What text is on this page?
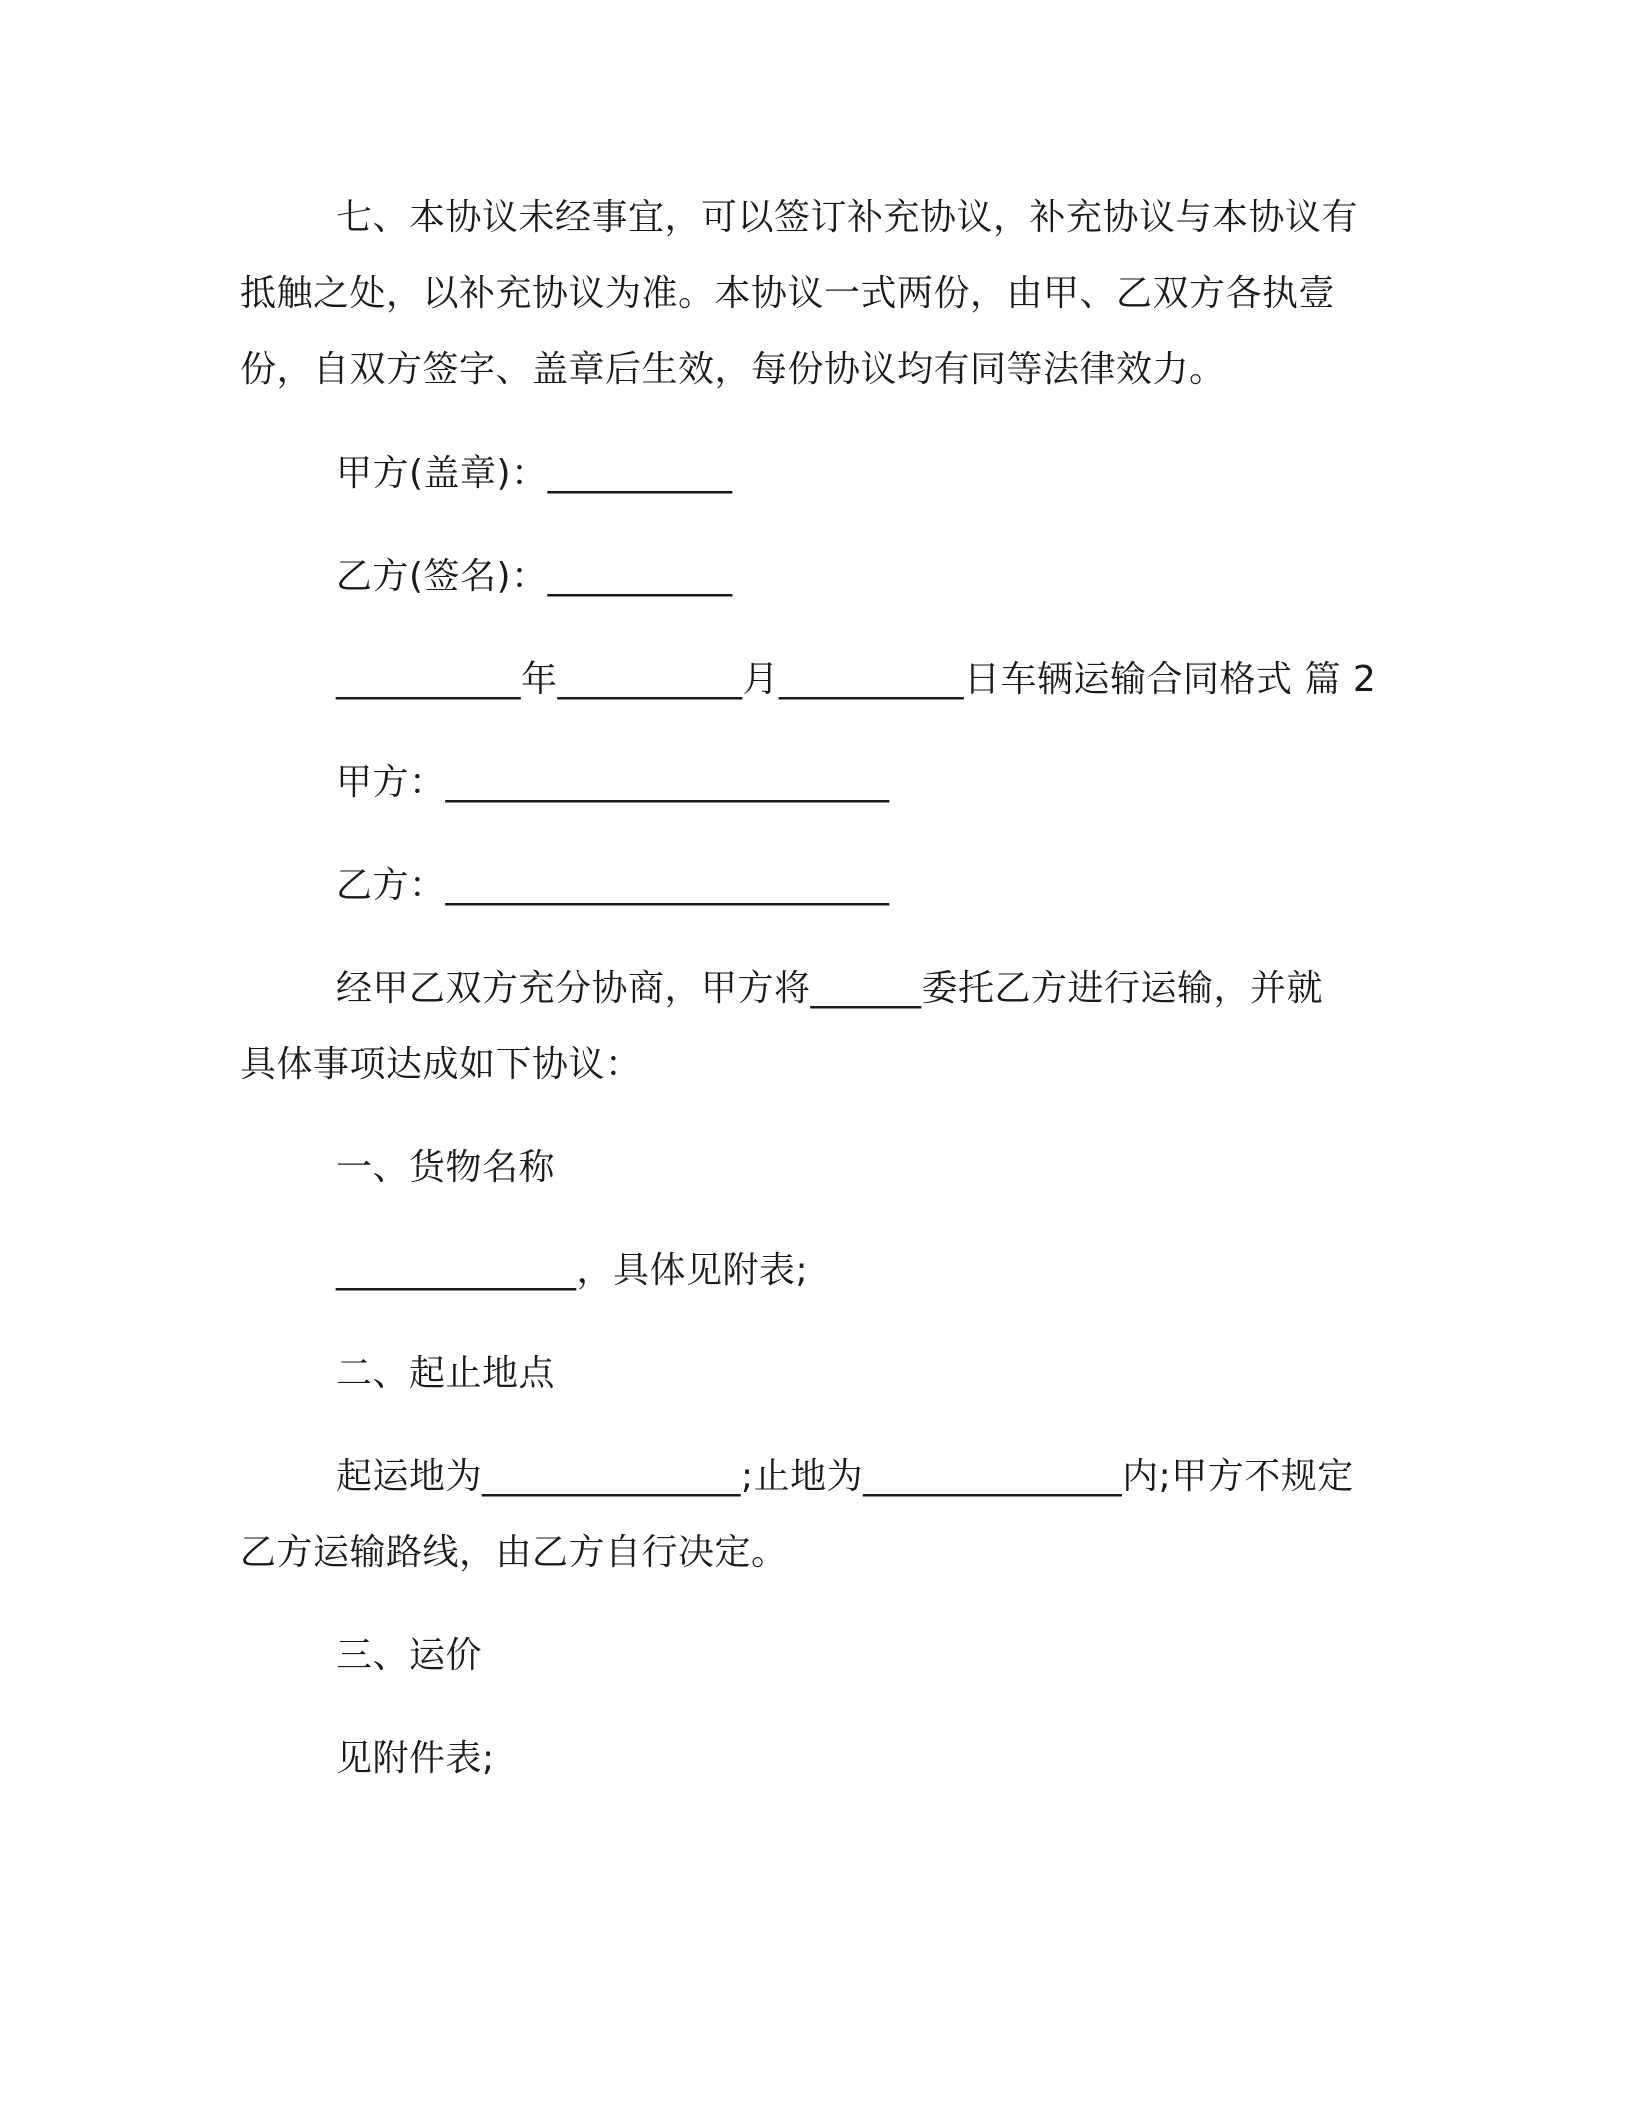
七、本协议未经事宜，可以签订补充协议，补充协议与本协议有
抵触之处，以补充协议为准。本协议一式两份，由甲、乙双方各执壹
份，自双方签字、盖章后生效，每份协议均有同等法律效力。
甲方(盖章)：__________
乙方(签名)：__________
__________年__________月__________日车辆运输合同格式 篇 2
甲方：________________________
乙方：________________________
经甲乙双方充分协商，甲方将______委托乙方进行运输，并就
具体事项达成如下协议：
一、货物名称
_____________，具体见附表;
二、起止地点
起运地为______________;止地为______________内;甲方不规定
乙方运输路线，由乙方自行决定。
三、运价
见附件表;
